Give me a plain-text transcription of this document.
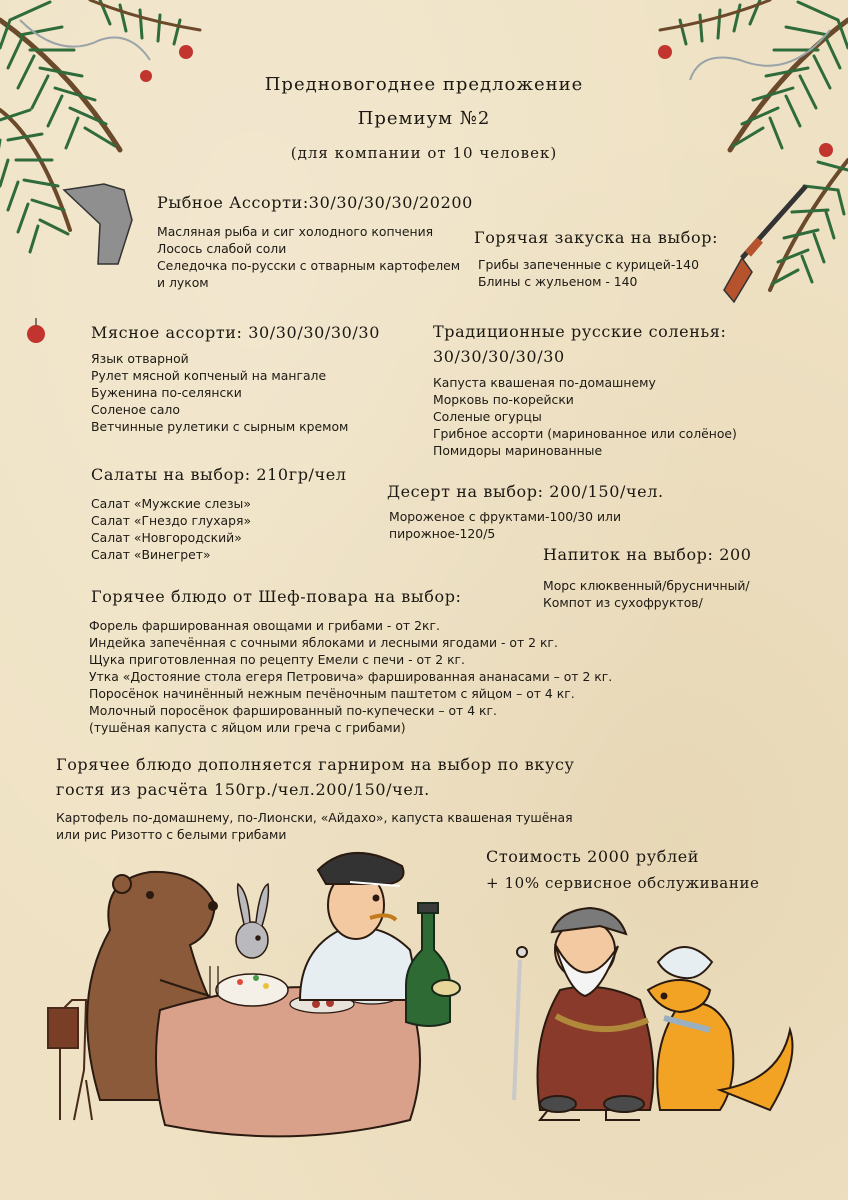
Предновогоднее предложение
Премиум №2
(для компании от 10 человек)
Рыбное Ассорти:30/30/30/30/20200
Масляная рыба и сиг холодного копчения
Лосось слабой соли
Селедочка по-русски с отварным картофелем
и луком
Горячая закуска на выбор:
Грибы запеченные с курицей-140
Блины с жульеном - 140
Мясное ассорти: 30/30/30/30/30
Язык отварной
Рулет мясной копченый на мангале
Буженина по-селянски
Соленое сало
Ветчинные рулетики с сырным кремом
Традиционные русские соленья:
30/30/30/30/30
Капуста квашеная по-домашнему
Морковь по-корейски
Соленые огурцы
Грибное ассорти (маринованное или солёное)
Помидоры маринованные
Салаты на выбор: 210гр/чел
Салат «Мужские слезы»
Салат «Гнездо глухаря»
Салат «Новгородский»
Салат «Винегрет»
Десерт на выбор: 200/150/чел.
Мороженое с фруктами-100/30 или
пирожное-120/5
Напиток на выбор: 200
Морс клюквенный/брусничный/
Компот из сухофруктов/
Горячее блюдо от Шеф-повара на выбор:
Форель фаршированная овощами и грибами - от 2кг.
Индейка запечённая с сочными яблоками и лесными ягодами - от 2 кг.
Щука приготовленная по рецепту Емели с печи - от 2 кг.
Утка «Достояние стола егеря Петровича» фаршированная ананасами – от 2 кг.
Поросёнок начинённый нежным печёночным паштетом с яйцом – от 4 кг.
Молочный поросёнок фаршированный по-купечески – от 4 кг.
(тушёная капуста с яйцом или греча с грибами)
Горячее блюдо дополняется гарниром на выбор по вкусу
гостя из расчёта 150гр./чел.200/150/чел.
Картофель по-домашнему, по-Лионски, «Айдахо», капуста квашеная тушёная
или рис Ризотто с белыми грибами
Стоимость 2000 рублей
+ 10% сервисное обслуживание
